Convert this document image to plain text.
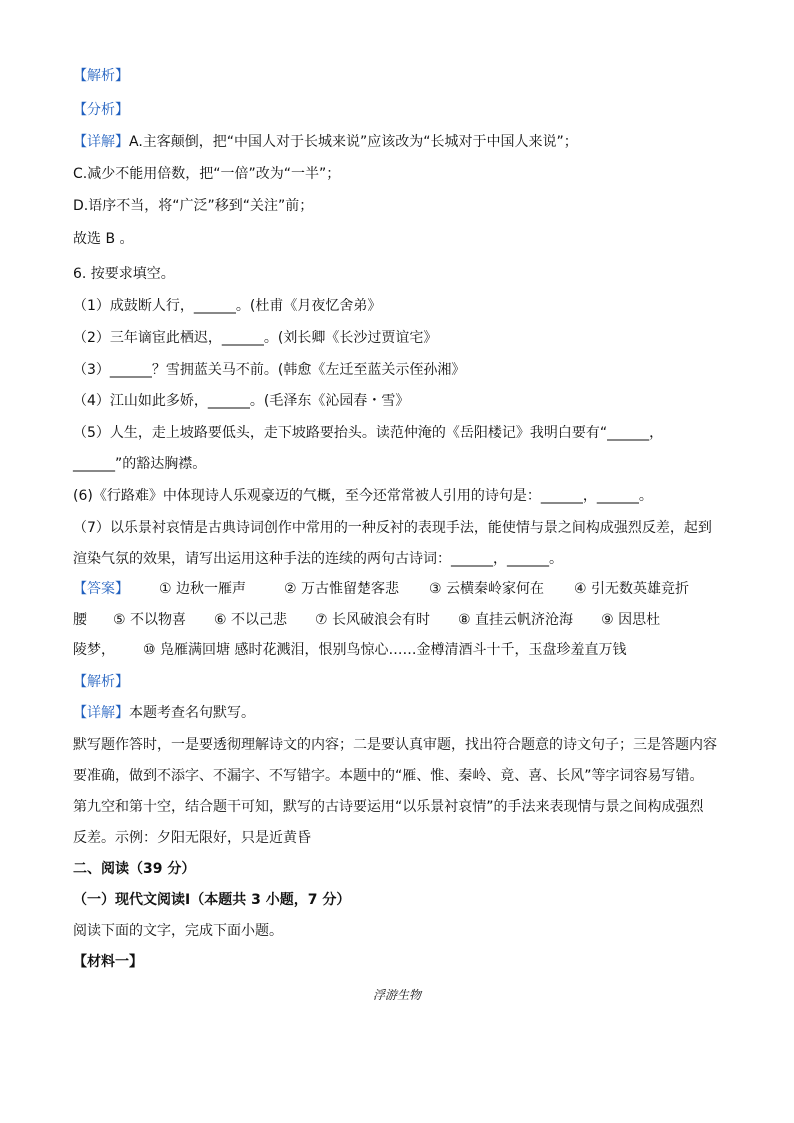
【解析】
【分析】
【详解】A.主客颠倒，把“中国人对于长城来说”应该改为“长城对于中国人来说”；
C.减少不能用倍数，把“一倍”改为“一半”；
D.语序不当，将“广泛”移到“关注”前；
故选 B 。
6. 按要求填空。
（1）成鼓断人行，______。(杜甫《月夜忆舍弟》
（2）三年谪宦此栖迟，______。(刘长卿《长沙过贾谊宅》
（3）______？雪拥蓝关马不前。(韩愈《左迁至蓝关示侄孙湘》
（4）江山如此多娇，______。(毛泽东《沁园春・雪》
（5）人生，走上坡路要低头，走下坡路要抬头。读范仲淹的《岳阳楼记》我明白要有“______，
______”的豁达胸襟。
(6)《行路难》中体现诗人乐观豪迈的气概，至今还常常被人引用的诗句是：______，______。
（7）以乐景衬哀情是古典诗词创作中常用的一种反衬的表现手法，能使情与景之间构成强烈反差，起到
渲染气氛的效果，请写出运用这种手法的连续的两句古诗词：______，______。
【答案】 ① 边秋一雁声	② 万古惟留楚客悲 ③ 云横秦岭家何在 ④ 引无数英雄竞折
腰 ⑤ 不以物喜 ⑥ 不以己悲 ⑦ 长风破浪会有时 ⑧ 直挂云帆济沧海 ⑨ 因思杜
陵梦， ⑩ 凫雁满回塘 感时花溅泪，恨别鸟惊心……金樽清酒斗十千，玉盘珍羞直万钱
【解析】
【详解】本题考查名句默写。
默写题作答时，一是要透彻理解诗文的内容；二是要认真审题，找出符合题意的诗文句子；三是答题内容
要准确，做到不添字、不漏字、不写错字。本题中的“雁、惟、秦岭、竟、喜、长风”等字词容易写错。
第九空和第十空，结合题干可知，默写的古诗要运用“以乐景衬哀情”的手法来表现情与景之间构成强烈
反差。示例：夕阳无限好，只是近黄昏
二、阅读（39 分）
（一）现代文阅读Ⅰ（本题共 3 小题，7 分）
阅读下面的文字，完成下面小题。
【材料一】
浮游生物
